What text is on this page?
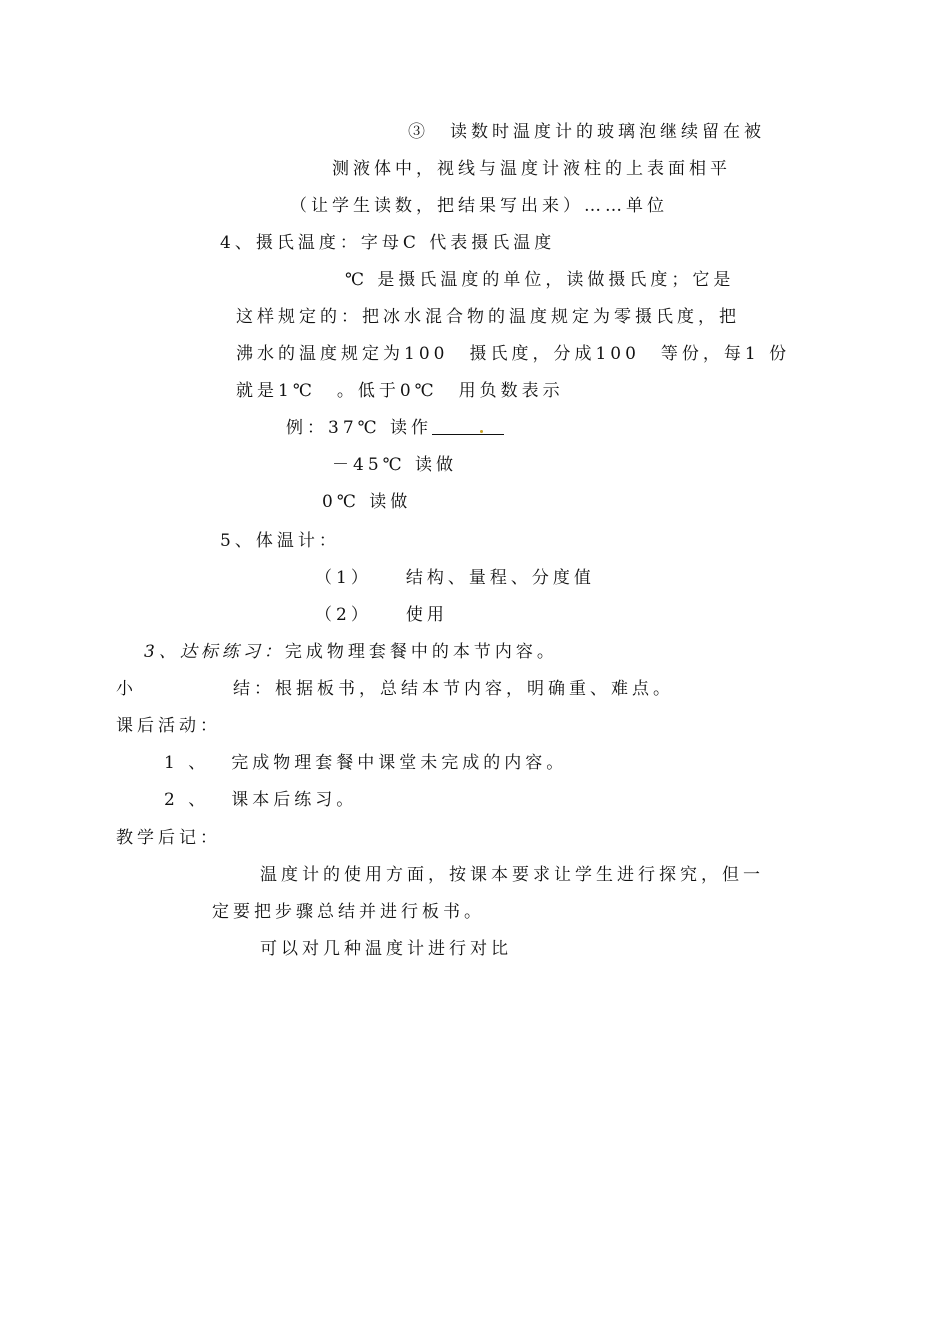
③　读数时温度计的玻璃泡继续留在被
测液体中，视线与温度计液柱的上表面相平
（让学生读数，把结果写出来）……单位
4、摄氏温度：字母C 代表摄氏温度
℃ 是摄氏温度的单位，读做摄氏度；它是
这样规定的：把冰水混合物的温度规定为零摄氏度，把
沸水的温度规定为100　摄氏度，分成100　等份，每1 份
就是1℃　。低于0℃　用负数表示
例：37℃ 读作
－45℃ 读做
0℃ 读做
5、体温计：
（1） 结构、量程、分度值
（2） 使用
3、达标练习：完成物理套餐中的本节内容。
小	结：根据板书，总结本节内容，明确重、难点。
课后活动：
1 、 完成物理套餐中课堂未完成的内容。
2 、 课本后练习。
教学后记：
温度计的使用方面，按课本要求让学生进行探究，但一
定要把步骤总结并进行板书。
可以对几种温度计进行对比
